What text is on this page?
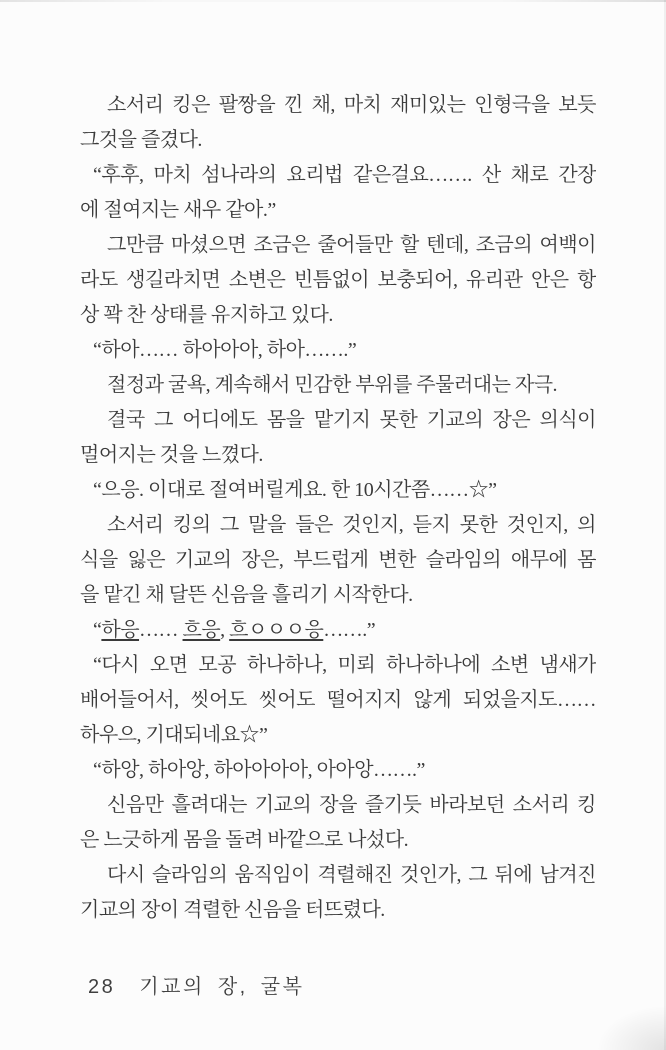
소서리 킹은 팔짱을 낀 채, 마치 재미있는 인형극을 보듯
그것을 즐겼다.
“후후, 마치 섬나라의 요리법 같은걸요……. 산 채로 간장
에 절여지는 새우 같아.”
그만큼 마셨으면 조금은 줄어들만 할 텐데, 조금의 여백이
라도 생길라치면 소변은 빈틈없이 보충되어, 유리관 안은 항
상 꽉 찬 상태를 유지하고 있다.
“하아…… 하아아아, 하아…….”
절정과 굴욕, 계속해서 민감한 부위를 주물러대는 자극.
결국 그 어디에도 몸을 맡기지 못한 기교의 장은 의식이
멀어지는 것을 느꼈다.
“으응. 이대로 절여버릴게요. 한 10시간쯤……☆”
소서리 킹의 그 말을 들은 것인지, 듣지 못한 것인지, 의
식을 잃은 기교의 장은, 부드럽게 변한 슬라임의 애무에 몸
을 맡긴 채 달뜬 신음을 흘리기 시작한다.
“하응…… 흐응, 흐ㅇㅇㅇ응…….”
“다시 오면 모공 하나하나, 미뢰 하나하나에 소변 냄새가
배어들어서, 씻어도 씻어도 떨어지지 않게 되었을지도……
하우으, 기대되네요☆”
“하앙, 하아앙, 하아아아아, 아아앙…….”
신음만 흘려대는 기교의 장을 즐기듯 바라보던 소서리 킹
은 느긋하게 몸을 돌려 바깥으로 나섰다.
다시 슬라임의 움직임이 격렬해진 것인가, 그 뒤에 남겨진
기교의 장이 격렬한 신음을 터뜨렸다.
28 기교의 장, 굴복
